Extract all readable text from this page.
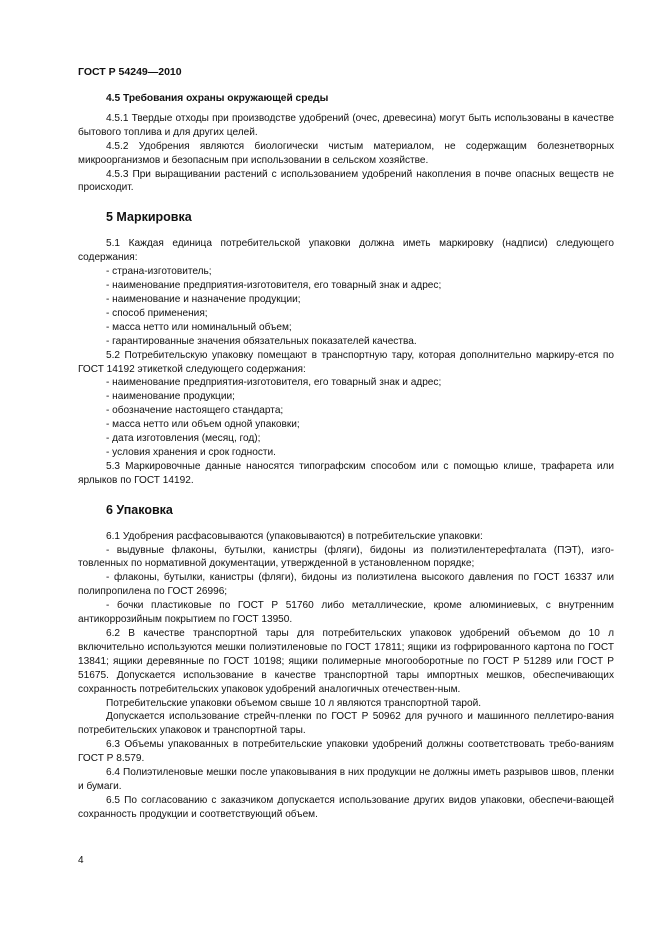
ГОСТ Р 54249—2010

4.5 Требования охраны окружающей среды

4.5.1 Твердые отходы при производстве удобрений (очес, древесина) могут быть использованы в качестве бытового топлива и для других целей.

4.5.2 Удобрения являются биологически чистым материалом, не содержащим болезнетворных микроорганизмов и безопасным при использовании в сельском хозяйстве.

4.5.3 При выращивании растений с использованием удобрений накопления в почве опасных веществ не происходит.

5 Маркировка

5.1 Каждая единица потребительской упаковки должна иметь маркировку (надписи) следующего содержания:

- страна-изготовитель;

- наименование предприятия-изготовителя, его товарный знак и адрес;

- наименование и назначение продукции;

- способ применения;

- масса нетто или номинальный объем;

- гарантированные значения обязательных показателей качества.

5.2 Потребительскую упаковку помещают в транспортную тару, которая дополнительно маркиру-ется по ГОСТ 14192 этикеткой следующего содержания:

- наименование предприятия-изготовителя, его товарный знак и адрес;

- наименование продукции;

- обозначение настоящего стандарта;

- масса нетто или объем одной упаковки;

- дата изготовления (месяц, год);

- условия хранения и срок годности.

5.3 Маркировочные данные наносятся типографским способом или с помощью клише, трафарета или ярлыков по ГОСТ 14192.

6 Упаковка

6.1 Удобрения расфасовываются (упаковываются) в потребительские упаковки:

- выдувные флаконы, бутылки, канистры (фляги), бидоны из полиэтилентерефталата (ПЭТ), изго-товленных по нормативной документации, утвержденной в установленном порядке;

- флаконы, бутылки, канистры (фляги), бидоны из полиэтилена высокого давления по ГОСТ 16337 или полипропилена по ГОСТ 26996;

- бочки пластиковые по ГОСТ Р 51760 либо металлические, кроме алюминиевых, с внутренним антикоррозийным покрытием по ГОСТ 13950.

6.2 В качестве транспортной тары для потребительских упаковок удобрений объемом до 10 л включительно используются мешки полиэтиленовые по ГОСТ 17811; ящики из гофрированного картона по ГОСТ 13841; ящики деревянные по ГОСТ 10198; ящики полимерные многооборотные по ГОСТ Р 51289 или ГОСТ Р 51675. Допускается использование в качестве транспортной тары импортных мешков, обеспечивающих сохранность потребительских упаковок удобрений аналогичных отечествен-ным.

Потребительские упаковки объемом свыше 10 л являются транспортной тарой.

Допускается использование стрейч-пленки по ГОСТ Р 50962 для ручного и машинного пеллетиро-вания потребительских упаковок и транспортной тары.

6.3 Объемы упакованных в потребительские упаковки удобрений должны соответствовать требо-ваниям ГОСТ Р 8.579.

6.4 Полиэтиленовые мешки после упаковывания в них продукции не должны иметь разрывов швов, пленки и бумаги.

6.5 По согласованию с заказчиком допускается использование других видов упаковки, обеспечи-вающей сохранность продукции и соответствующий объем.

4
